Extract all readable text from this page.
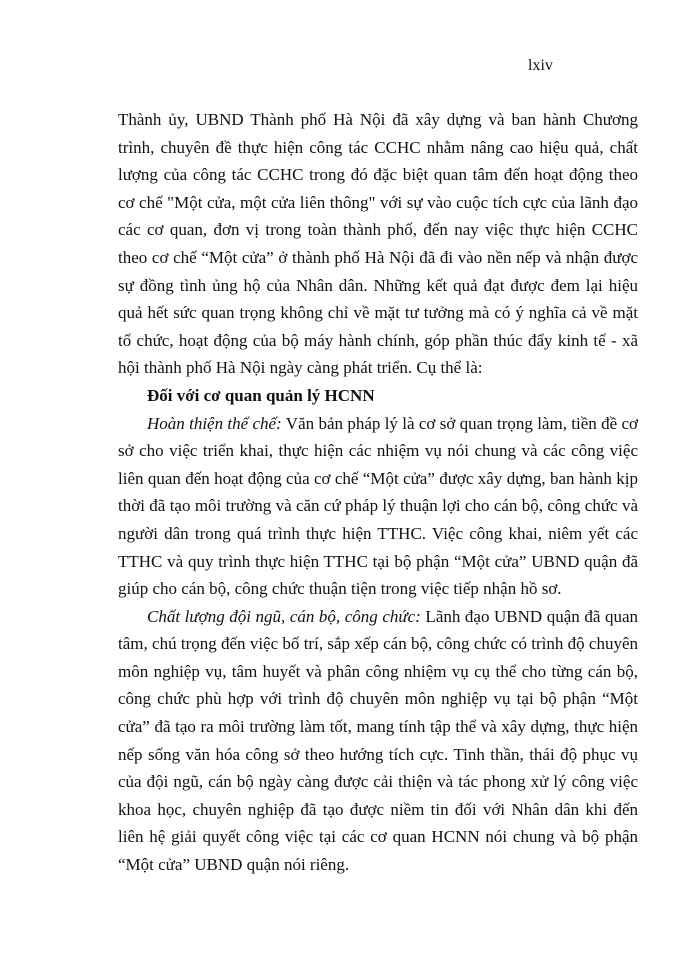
lxiv

Thành ủy, UBND Thành phố Hà Nội đã xây dựng và ban hành Chương trình, chuyên đề thực hiện công tác CCHC nhằm nâng cao hiệu quả, chất lượng của công tác CCHC trong đó đặc biệt quan tâm đến hoạt động theo cơ chế "Một cửa, một cửa liên thông" với sự vào cuộc tích cực của lãnh đạo các cơ quan, đơn vị trong toàn thành phố, đến nay việc thực hiện CCHC theo cơ chế “Một cửa” ở thành phố Hà Nội đã đi vào nền nếp và nhận được sự đồng tình ủng hộ của Nhân dân. Những kết quả đạt được đem lại hiệu quả hết sức quan trọng không chỉ về mặt tư tưởng mà có ý nghĩa cả về mặt tổ chức, hoạt động của bộ máy hành chính, góp phần thúc đẩy kinh tế - xã hội thành phố Hà Nội ngày càng phát triển. Cụ thể là:

Đối với cơ quan quản lý HCNN

Hoàn thiện thể chế: Văn bản pháp lý là cơ sở quan trọng làm, tiền đề cơ sở cho việc triển khai, thực hiện các nhiệm vụ nói chung và các công việc liên quan đến hoạt động của cơ chế “Một cửa” được xây dựng, ban hành kịp thời đã tạo môi trường và căn cứ pháp lý thuận lợi cho cán bộ, công chức và người dân trong quá trình thực hiện TTHC. Việc công khai, niêm yết các TTHC và quy trình thực hiện TTHC tại bộ phận “Một cửa” UBND quận đã giúp cho cán bộ, công chức thuận tiện trong việc tiếp nhận hồ sơ.

Chất lượng đội ngũ, cán bộ, công chức: Lãnh đạo UBND quận đã quan tâm, chú trọng đến việc bố trí, sắp xếp cán bộ, công chức có trình độ chuyên môn nghiệp vụ, tâm huyết và phân công nhiệm vụ cụ thể cho từng cán bộ, công chức phù hợp với trình độ chuyên môn nghiệp vụ tại bộ phận “Một cửa” đã tạo ra môi trường làm tốt, mang tính tập thể và xây dựng, thực hiện nếp sống văn hóa công sở theo hướng tích cực. Tinh thần, thái độ phục vụ của đội ngũ, cán bộ ngày càng được cải thiện và tác phong xử lý công việc khoa học, chuyên nghiệp đã tạo được niềm tin đối với Nhân dân khi đến liên hệ giải quyết công việc tại các cơ quan HCNN nói chung và bộ phận “Một cửa” UBND quận nói riêng.
